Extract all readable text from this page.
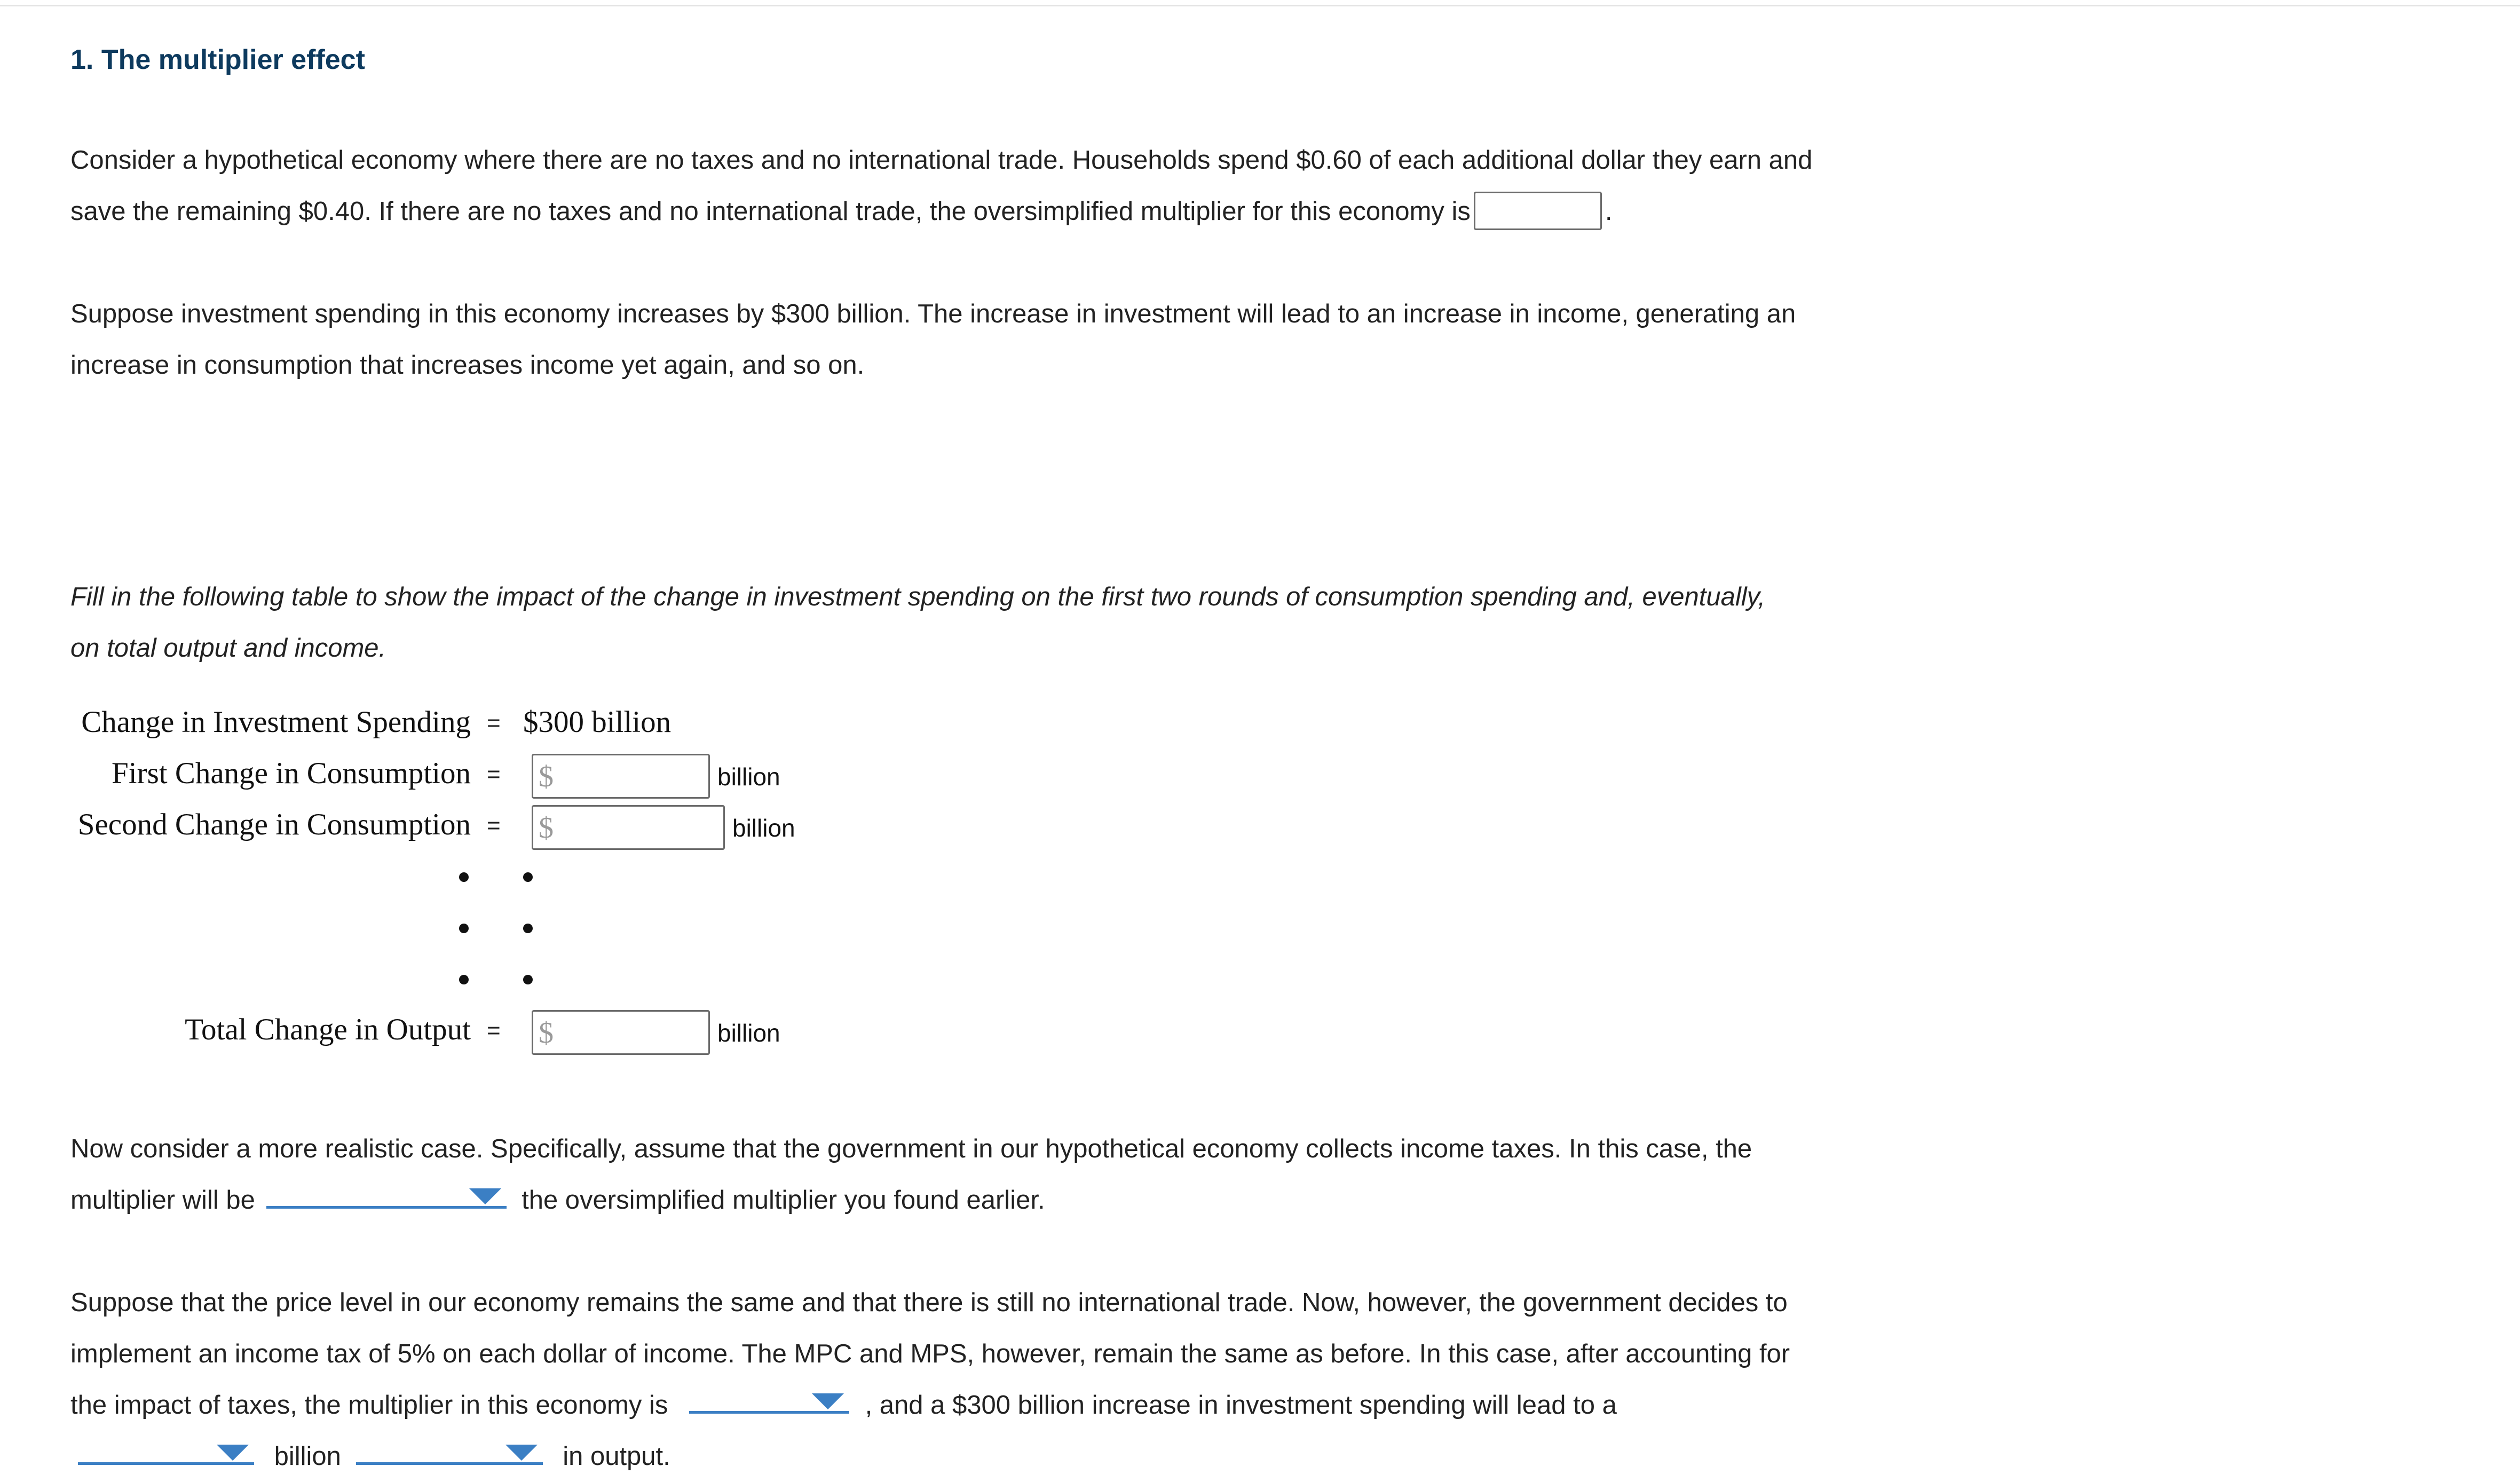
1. The multiplier effect
Consider a hypothetical economy where there are no taxes and no international trade. Households spend $0.60 of each additional dollar they earn and
save the remaining $0.40. If there are no taxes and no international trade, the oversimplified multiplier for this economy is	.
Suppose investment spending in this economy increases by $300 billion. The increase in investment will lead to an increase in income, generating an
increase in consumption that increases income yet again, and so on.
Fill in the following table to show the impact of the change in investment spending on the first two rounds of consumption spending and, eventually,
on total output and income.
Change in Investment Spending = $300 billion
First Change in Consumption = $	billion
Second Change in Consumption = $	billion
Total Change in Output = $	billion
Now consider a more realistic case. Specifically, assume that the government in our hypothetical economy collects income taxes. In this case, the
multiplier will be	the oversimplified multiplier you found earlier.
Suppose that the price level in our economy remains the same and that there is still no international trade. Now, however, the government decides to
implement an income tax of 5% on each dollar of income. The MPC and MPS, however, remain the same as before. In this case, after accounting for
the impact of taxes, the multiplier in this economy is	, and a $300 billion increase in investment spending will lead to a
billion	in output.
